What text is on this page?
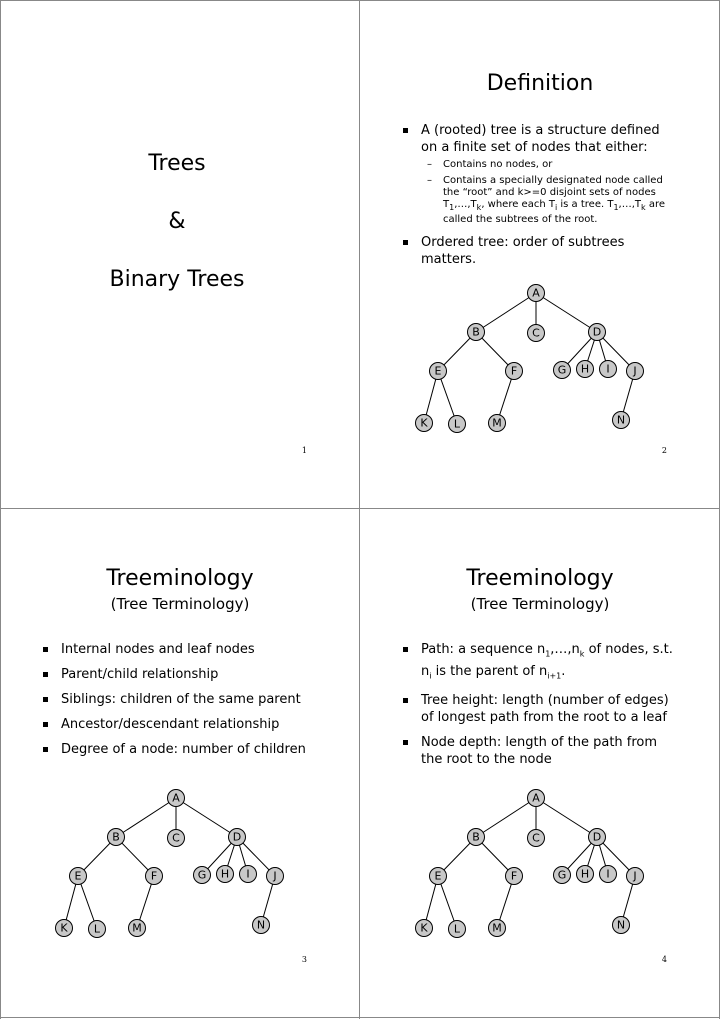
Trees
&
Binary Trees
1
Definition
A (rooted) tree is a structure defined on a finite set of nodes that either:
– Contains no nodes, or
– Contains a specially designated node called the “root” and k>=0 disjoint sets of nodes $T_1,\dots,T_k$, where each $T_i$ is a tree. $T_1,\dots,T_k$ are called the subtrees of the root.
Ordered tree: order of subtrees matters.
A
B	C	D
E	F	G H I J
K L	M	N
2
Treeminology
(Tree Terminology)
Internal nodes and leaf nodes
Parent/child relationship
Siblings: children of the same parent
Ancestor/descendant relationship
Degree of a node: number of children
A
B	C	D
E	F	G H I J
K L	M	N
3
Treeminology
(Tree Terminology)
Path: a sequence $n_1,\dots,n_k$ of nodes, s.t. $n_i$ is the parent of $n_{i+1}$.
Tree height: length (number of edges) of longest path from the root to a leaf
Node depth: length of the path from the root to the node
A
B	C	D
E	F	G H I J
K L	M	N
4
